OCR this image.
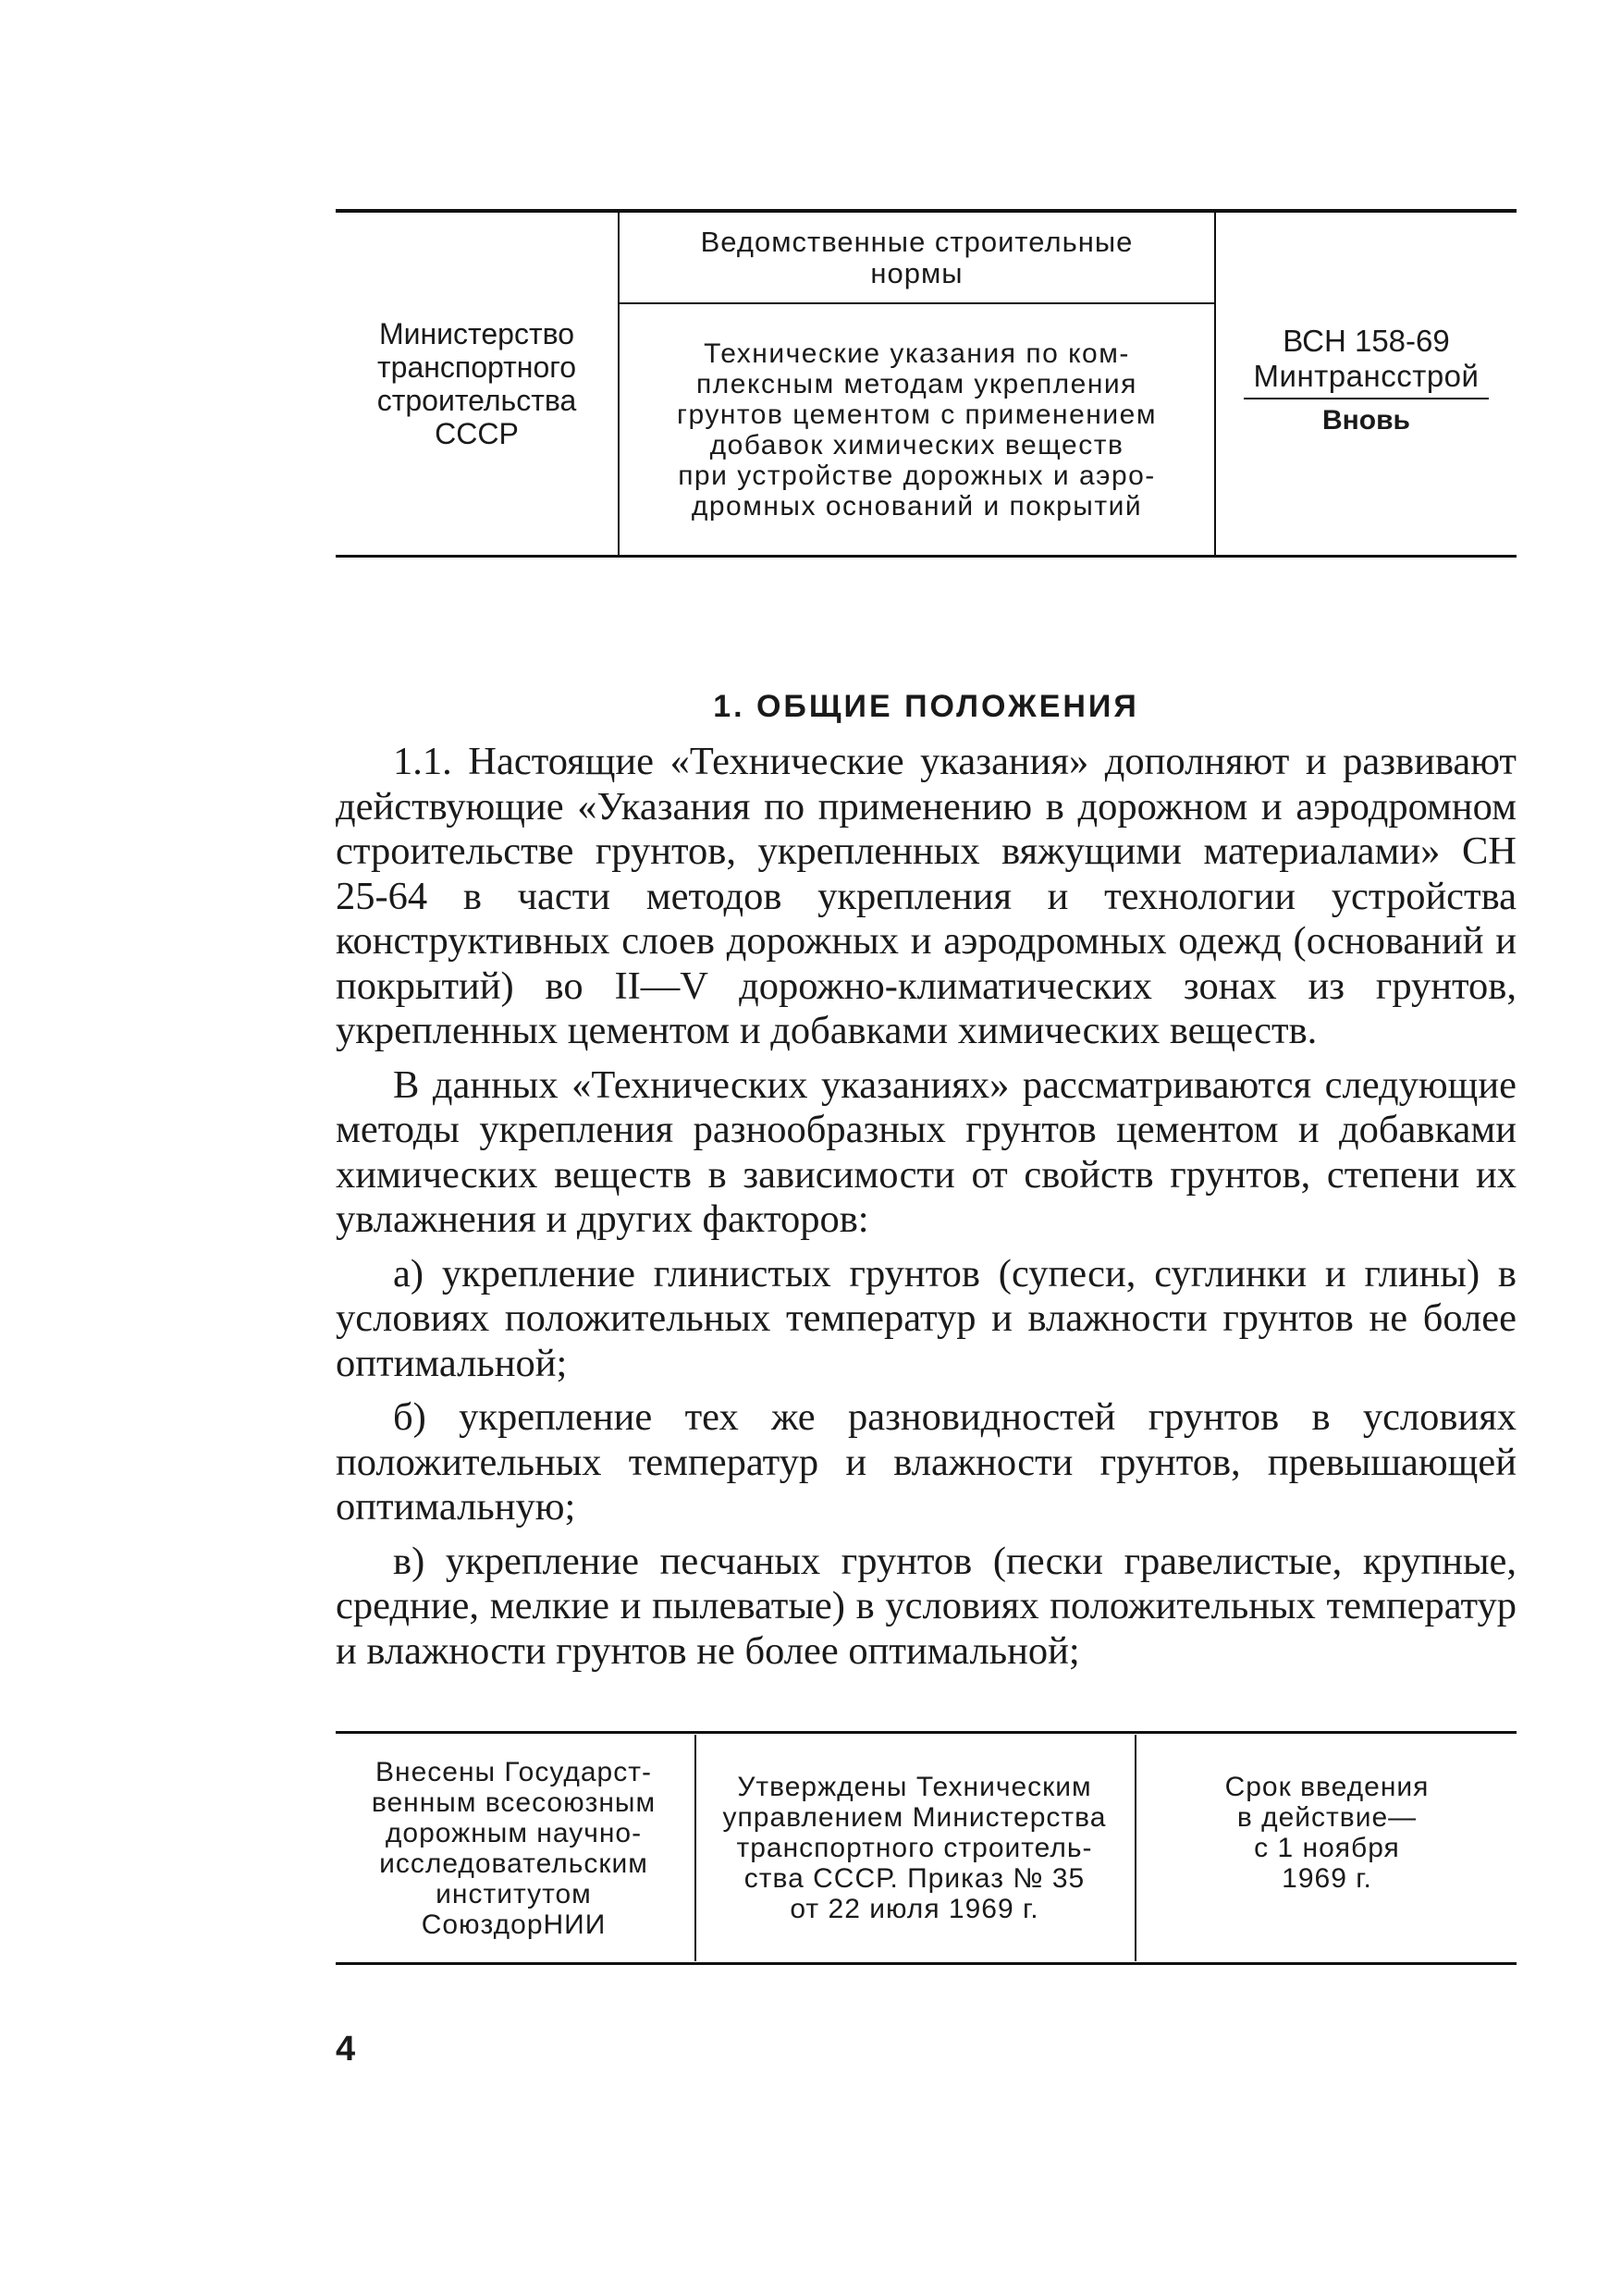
Министерство
транспортного
строительства
СССР
Ведомственные строительные
нормы
Технические указания по ком-
плексным методам укрепления
грунтов цементом с применением
добавок химических веществ
при устройстве дорожных и аэро-
дромных оснований и покрытий
ВСН 158-69
Минтрансстрой
Вновь
1. ОБЩИЕ ПОЛОЖЕНИЯ

1.1. Настоящие «Технические указания» дополняют и развивают действующие «Указания по применению в дорожном и аэродромном строительстве грунтов, укрепленных вяжущими материалами» СН 25-64 в части методов укрепления и технологии устройства конструктивных слоев дорожных и аэродромных одежд (оснований и покрытий) во II—V дорожно-климатических зонах из грунтов, укрепленных цементом и добавками химических веществ.

В данных «Технических указаниях» рассматриваются следующие методы укрепления разнообразных грунтов цементом и добавками химических веществ в зависимости от свойств грунтов, степени их увлажнения и других факторов:

а) укрепление глинистых грунтов (супеси, суглинки и глины) в условиях положительных температур и влажности грунтов не более оптимальной;

б) укрепление тех же разновидностей грунтов в условиях положительных температур и влажности грунтов, превышающей оптимальную;

в) укрепление песчаных грунтов (пески гравелистые, крупные, средние, мелкие и пылеватые) в условиях положительных температур и влажности грунтов не более оптимальной;

Внесены Государст-
венным всесоюзным
дорожным научно-
исследовательским
институтом
СоюздорНИИ
Утверждены Техническим
управлением Министерства
транспортного строитель-
ства СССР. Приказ № 35
от 22 июля 1969 г.
Срок введения
в действие—
с 1 ноября
1969 г.
4
